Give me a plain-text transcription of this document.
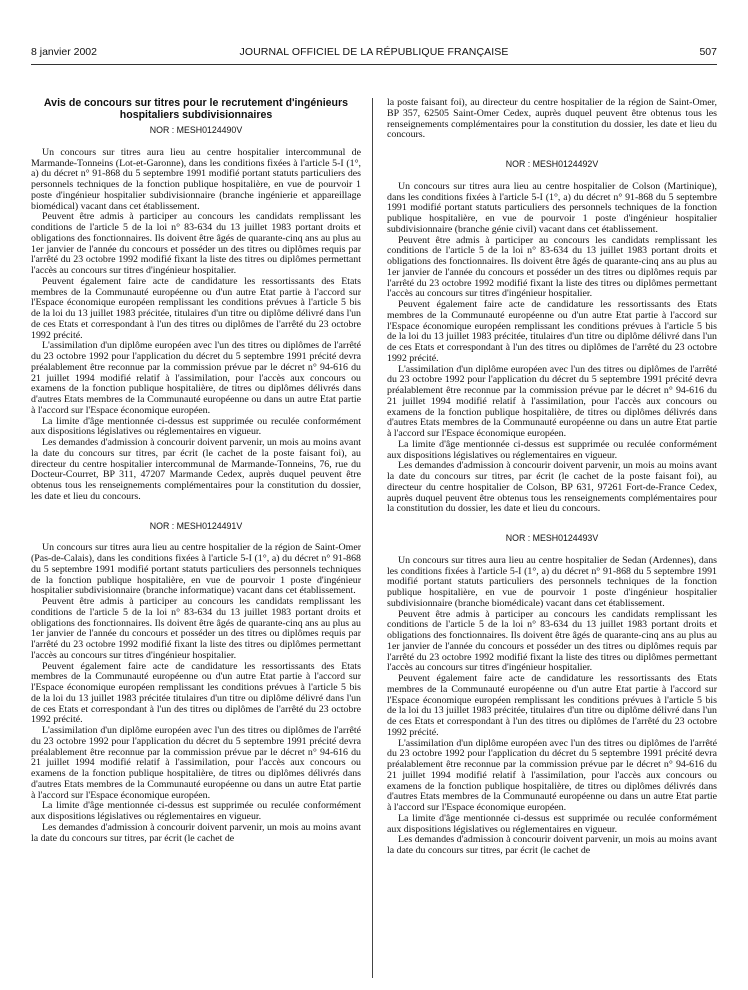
8 janvier 2002	JOURNAL OFFICIEL DE LA RÉPUBLIQUE FRANÇAISE	507
Avis de concours sur titres pour le recrutement d'ingénieurs hospitaliers subdivisionnaires
NOR : MESH0124490V

Un concours sur titres aura lieu au centre hospitalier intercommunal de Marmande-Tonneins (Lot-et-Garonne), dans les conditions fixées à l'article 5-I (1°, a) du décret n° 91-868 du 5 septembre 1991 modifié portant statuts particuliers des personnels techniques de la fonction publique hospitalière, en vue de pourvoir 1 poste d'ingénieur hospitalier subdivisionnaire (branche ingénierie et appareillage biomédical) vacant dans cet établissement.

Peuvent être admis à participer au concours les candidats remplissant les conditions de l'article 5 de la loi n° 83-634 du 13 juillet 1983 portant droits et obligations des fonctionnaires. Ils doivent être âgés de quarante-cinq ans au plus au 1er janvier de l'année du concours et posséder un des titres ou diplômes requis par l'arrêté du 23 octobre 1992 modifié fixant la liste des titres ou diplômes permettant l'accès au concours sur titres d'ingénieur hospitalier.

Peuvent également faire acte de candidature les ressortissants des Etats membres de la Communauté européenne ou d'un autre Etat partie à l'accord sur l'Espace économique européen remplissant les conditions prévues à l'article 5 bis de la loi du 13 juillet 1983 précitée, titulaires d'un titre ou diplôme délivré dans l'un de ces Etats et correspondant à l'un des titres ou diplômes de l'arrêté du 23 octobre 1992 précité.

L'assimilation d'un diplôme européen avec l'un des titres ou diplômes de l'arrêté du 23 octobre 1992 pour l'application du décret du 5 septembre 1991 précité devra préalablement être reconnue par la commission prévue par le décret n° 94-616 du 21 juillet 1994 modifié relatif à l'assimilation, pour l'accès aux concours ou examens de la fonction publique hospitalière, de titres ou diplômes délivrés dans d'autres Etats membres de la Communauté européenne ou dans un autre Etat partie à l'accord sur l'Espace économique européen.

La limite d'âge mentionnée ci-dessus est supprimée ou reculée conformément aux dispositions législatives ou réglementaires en vigueur.

Les demandes d'admission à concourir doivent parvenir, un mois au moins avant la date du concours sur titres, par écrit (le cachet de la poste faisant foi), au directeur du centre hospitalier intercommunal de Marmande-Tonneins, 76, rue du Docteur-Courret, BP 311, 47207 Marmande Cedex, auprès duquel peuvent être obtenus tous les renseignements complémentaires pour la constitution du dossier, les date et lieu du concours.

NOR : MESH0124491V

Un concours sur titres aura lieu au centre hospitalier de la région de Saint-Omer (Pas-de-Calais), dans les conditions fixées à l'article 5-I (1°, a) du décret n° 91-868 du 5 septembre 1991 modifié portant statuts particuliers des personnels techniques de la fonction publique hospitalière, en vue de pourvoir 1 poste d'ingénieur hospitalier subdivisionnaire (branche informatique) vacant dans cet établissement.

Peuvent être admis à participer au concours les candidats remplissant les conditions de l'article 5 de la loi n° 83-634 du 13 juillet 1983 portant droits et obligations des fonctionnaires. Ils doivent être âgés de quarante-cinq ans au plus au 1er janvier de l'année du concours et posséder un des titres ou diplômes requis par l'arrêté du 23 octobre 1992 modifié fixant la liste des titres ou diplômes permettant l'accès au concours sur titres d'ingénieur hospitalier.

Peuvent également faire acte de candidature les ressortissants des Etats membres de la Communauté européenne ou d'un autre Etat partie à l'accord sur l'Espace économique européen remplissant les conditions prévues à l'article 5 bis de la loi du 13 juillet 1983 précitée titulaires d'un titre ou diplôme délivré dans l'un de ces Etats et correspondant à l'un des titres ou diplômes de l'arrêté du 23 octobre 1992 précité.

L'assimilation d'un diplôme européen avec l'un des titres ou diplômes de l'arrêté du 23 octobre 1992 pour l'application du décret du 5 septembre 1991 précité devra préalablement être reconnue par la commission prévue par le décret n° 94-616 du 21 juillet 1994 modifié relatif à l'assimilation, pour l'accès aux concours ou examens de la fonction publique hospitalière, de titres ou diplômes délivrés dans d'autres Etats membres de la Communauté européenne ou dans un autre Etat partie à l'accord sur l'Espace économique européen.

La limite d'âge mentionnée ci-dessus est supprimée ou reculée conformément aux dispositions législatives ou réglementaires en vigueur.

Les demandes d'admission à concourir doivent parvenir, un mois au moins avant la date du concours sur titres, par écrit (le cachet de

la poste faisant foi), au directeur du centre hospitalier de la région de Saint-Omer, BP 357, 62505 Saint-Omer Cedex, auprès duquel peuvent être obtenus tous les renseignements complémentaires pour la constitution du dossier, les date et lieu du concours.

NOR : MESH0124492V

Un concours sur titres aura lieu au centre hospitalier de Colson (Martinique), dans les conditions fixées à l'article 5-I (1°, a) du décret n° 91-868 du 5 septembre 1991 modifié portant statuts particuliers des personnels techniques de la fonction publique hospitalière, en vue de pourvoir 1 poste d'ingénieur hospitalier subdivisionnaire (branche génie civil) vacant dans cet établissement.

Peuvent être admis à participer au concours les candidats remplissant les conditions de l'article 5 de la loi n° 83-634 du 13 juillet 1983 portant droits et obligations des fonctionnaires. Ils doivent être âgés de quarante-cinq ans au plus au 1er janvier de l'année du concours et posséder un des titres ou diplômes requis par l'arrêté du 23 octobre 1992 modifié fixant la liste des titres ou diplômes permettant l'accès au concours sur titres d'ingénieur hospitalier.

Peuvent également faire acte de candidature les ressortissants des Etats membres de la Communauté européenne ou d'un autre Etat partie à l'accord sur l'Espace économique européen remplissant les conditions prévues à l'article 5 bis de la loi du 13 juillet 1983 précitée, titulaires d'un titre ou diplôme délivré dans l'un de ces Etats et correspondant à l'un des titres ou diplômes de l'arrêté du 23 octobre 1992 précité.

L'assimilation d'un diplôme européen avec l'un des titres ou diplômes de l'arrêté du 23 octobre 1992 pour l'application du décret du 5 septembre 1991 précité devra préalablement être reconnue par la commission prévue par le décret n° 94-616 du 21 juillet 1994 modifié relatif à l'assimilation, pour l'accès aux concours ou examens de la fonction publique hospitalière, de titres ou diplômes délivrés dans d'autres Etats membres de la Communauté européenne ou dans un autre Etat partie à l'accord sur l'Espace économique européen.

La limite d'âge mentionnée ci-dessus est supprimée ou reculée conformément aux dispositions législatives ou réglementaires en vigueur.

Les demandes d'admission à concourir doivent parvenir, un mois au moins avant la date du concours sur titres, par écrit (le cachet de la poste faisant foi), au directeur du centre hospitalier de Colson, BP 631, 97261 Fort-de-France Cedex, auprès duquel peuvent être obtenus tous les renseignements complémentaires pour la constitution du dossier, les date et lieu du concours.

NOR : MESH0124493V

Un concours sur titres aura lieu au centre hospitalier de Sedan (Ardennes), dans les conditions fixées à l'article 5-I (1°, a) du décret n° 91-868 du 5 septembre 1991 modifié portant statuts particuliers des personnels techniques de la fonction publique hospitalière, en vue de pourvoir 1 poste d'ingénieur hospitalier subdivisionnaire (branche biomédicale) vacant dans cet établissement.

Peuvent être admis à participer au concours les candidats remplissant les conditions de l'article 5 de la loi n° 83-634 du 13 juillet 1983 portant droits et obligations des fonctionnaires. Ils doivent être âgés de quarante-cinq ans au plus au 1er janvier de l'année du concours et posséder un des titres ou diplômes requis par l'arrêté du 23 octobre 1992 modifié fixant la liste des titres ou diplômes permettant l'accès au concours sur titres d'ingénieur hospitalier.

Peuvent également faire acte de candidature les ressortissants des Etats membres de la Communauté européenne ou d'un autre Etat partie à l'accord sur l'Espace économique européen remplissant les conditions prévues à l'article 5 bis de la loi du 13 juillet 1983 précitée, titulaires d'un titre ou diplôme délivré dans l'un de ces Etats et correspondant à l'un des titres ou diplômes de l'arrêté du 23 octobre 1992 précité.

L'assimilation d'un diplôme européen avec l'un des titres ou diplômes de l'arrêté du 23 octobre 1992 pour l'application du décret du 5 septembre 1991 précité devra préalablement être reconnue par la commission prévue par le décret n° 94-616 du 21 juillet 1994 modifié relatif à l'assimilation, pour l'accès aux concours ou examens de la fonction publique hospitalière, de titres ou diplômes délivrés dans d'autres Etats membres de la Communauté européenne ou dans un autre Etat partie à l'accord sur l'Espace économique européen.

La limite d'âge mentionnée ci-dessus est supprimée ou reculée conformément aux dispositions législatives ou réglementaires en vigueur.

Les demandes d'admission à concourir doivent parvenir, un mois au moins avant la date du concours sur titres, par écrit (le cachet de
